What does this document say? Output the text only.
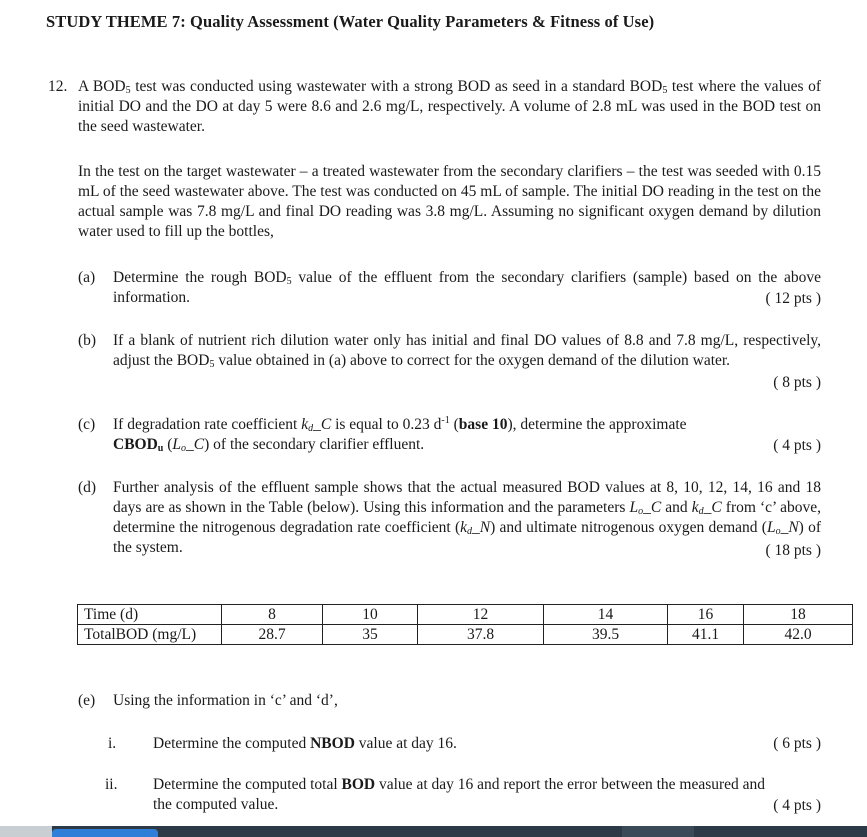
STUDY THEME 7: Quality Assessment (Water Quality Parameters & Fitness of Use)
12. A $BOD_5$ test was conducted using wastewater with a strong BOD as seed in a standard $BOD_5$ test where the values of initial DO and the DO at day 5 were 8.6 and 2.6 mg/L, respectively. A volume of 2.8 mL was used in the BOD test on the seed wastewater.
In the test on the target wastewater – a treated wastewater from the secondary clarifiers – the test was seeded with 0.15 mL of the seed wastewater above. The test was conducted on 45 mL of sample. The initial DO reading in the test on the actual sample was 7.8 mg/L and final DO reading was 3.8 mg/L. Assuming no significant oxygen demand by dilution water used to fill up the bottles,
(a) Determine the rough $BOD_5$ value of the effluent from the secondary clarifiers (sample) based on the above information.	( 12 pts )
(b) If a blank of nutrient rich dilution water only has initial and final DO values of 8.8 and 7.8 mg/L, respectively, adjust the $BOD_5$ value obtained in (a) above to correct for the oxygen demand of the dilution water.
( 8 pts )
(c) If degradation rate coefficient $k_d\_C$ is equal to 0.23 $d^{-1}$ (base 10), determine the approximate
$CBOD_u$ $(L_o\_C)$ of the secondary clarifier effluent.	( 4 pts )
(d) Further analysis of the effluent sample shows that the actual measured BOD values at 8, 10, 12, 14, 16 and 18 days are as shown in the Table (below). Using this information and the parameters $L_o\_C$ and $k_d\_C$ from ‘c’ above, determine the nitrogenous degradation rate coefficient $(k_d\_N)$ and ultimate nitrogenous oxygen demand $(L_o\_N)$ of the system.	( 18 pts )
Time (d)	8	10	12	14	16	18
TotalBOD (mg/L)	28.7	35	37.8	39.5	41.1	42.0
(e) Using the information in ‘c’ and ‘d’,
i. Determine the computed NBOD value at day 16.	( 6 pts )
ii. Determine the computed total BOD value at day 16 and report the error between the measured and the computed value.	( 4 pts )
